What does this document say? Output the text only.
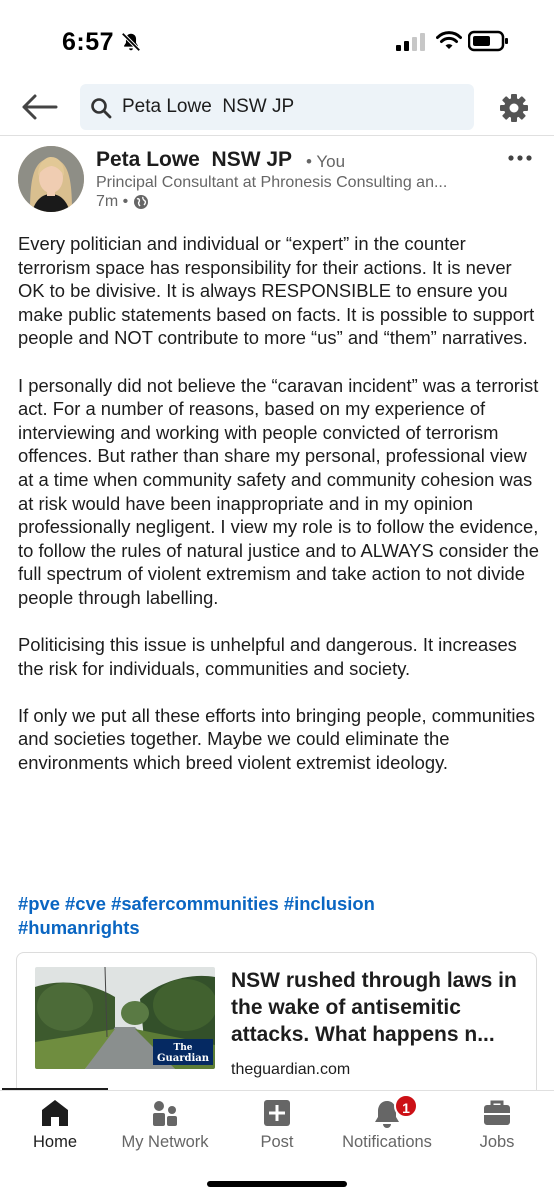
6:57
Peta Lowe  NSW JP
Peta Lowe  NSW JP • You
Principal Consultant at Phronesis Consulting an...
7m •

Every politician and individual or “expert” in the counter terrorism space has responsibility for their actions. It is never OK to be divisive. It is always RESPONSIBLE to ensure you make public statements based on facts. It is possible to support people and NOT contribute to more “us” and “them” narratives.

I personally did not believe the “caravan incident” was a terrorist act. For a number of reasons, based on my experience of interviewing and working with people convicted of terrorism offences. But rather than share my personal, professional view at a time when community safety and community cohesion was at risk would have been inappropriate and in my opinion professionally negligent. I view my role is to follow the evidence, to follow the rules of natural justice and to ALWAYS consider the full spectrum of violent extremism and take action to not divide people through labelling.

Politicising this issue is unhelpful and dangerous. It increases the risk for individuals, communities and society.

If only we put all these efforts into bringing people, communities and societies together. Maybe we could eliminate the environments which breed violent extremist ideology.

#pve #cve #safercommunities #inclusion
#humanrights
The
Guardian
NSW rushed through laws in the wake of antisemitic attacks. What happens n...
theguardian.com
Home	My Network	Post
1
Notifications	Jobs
